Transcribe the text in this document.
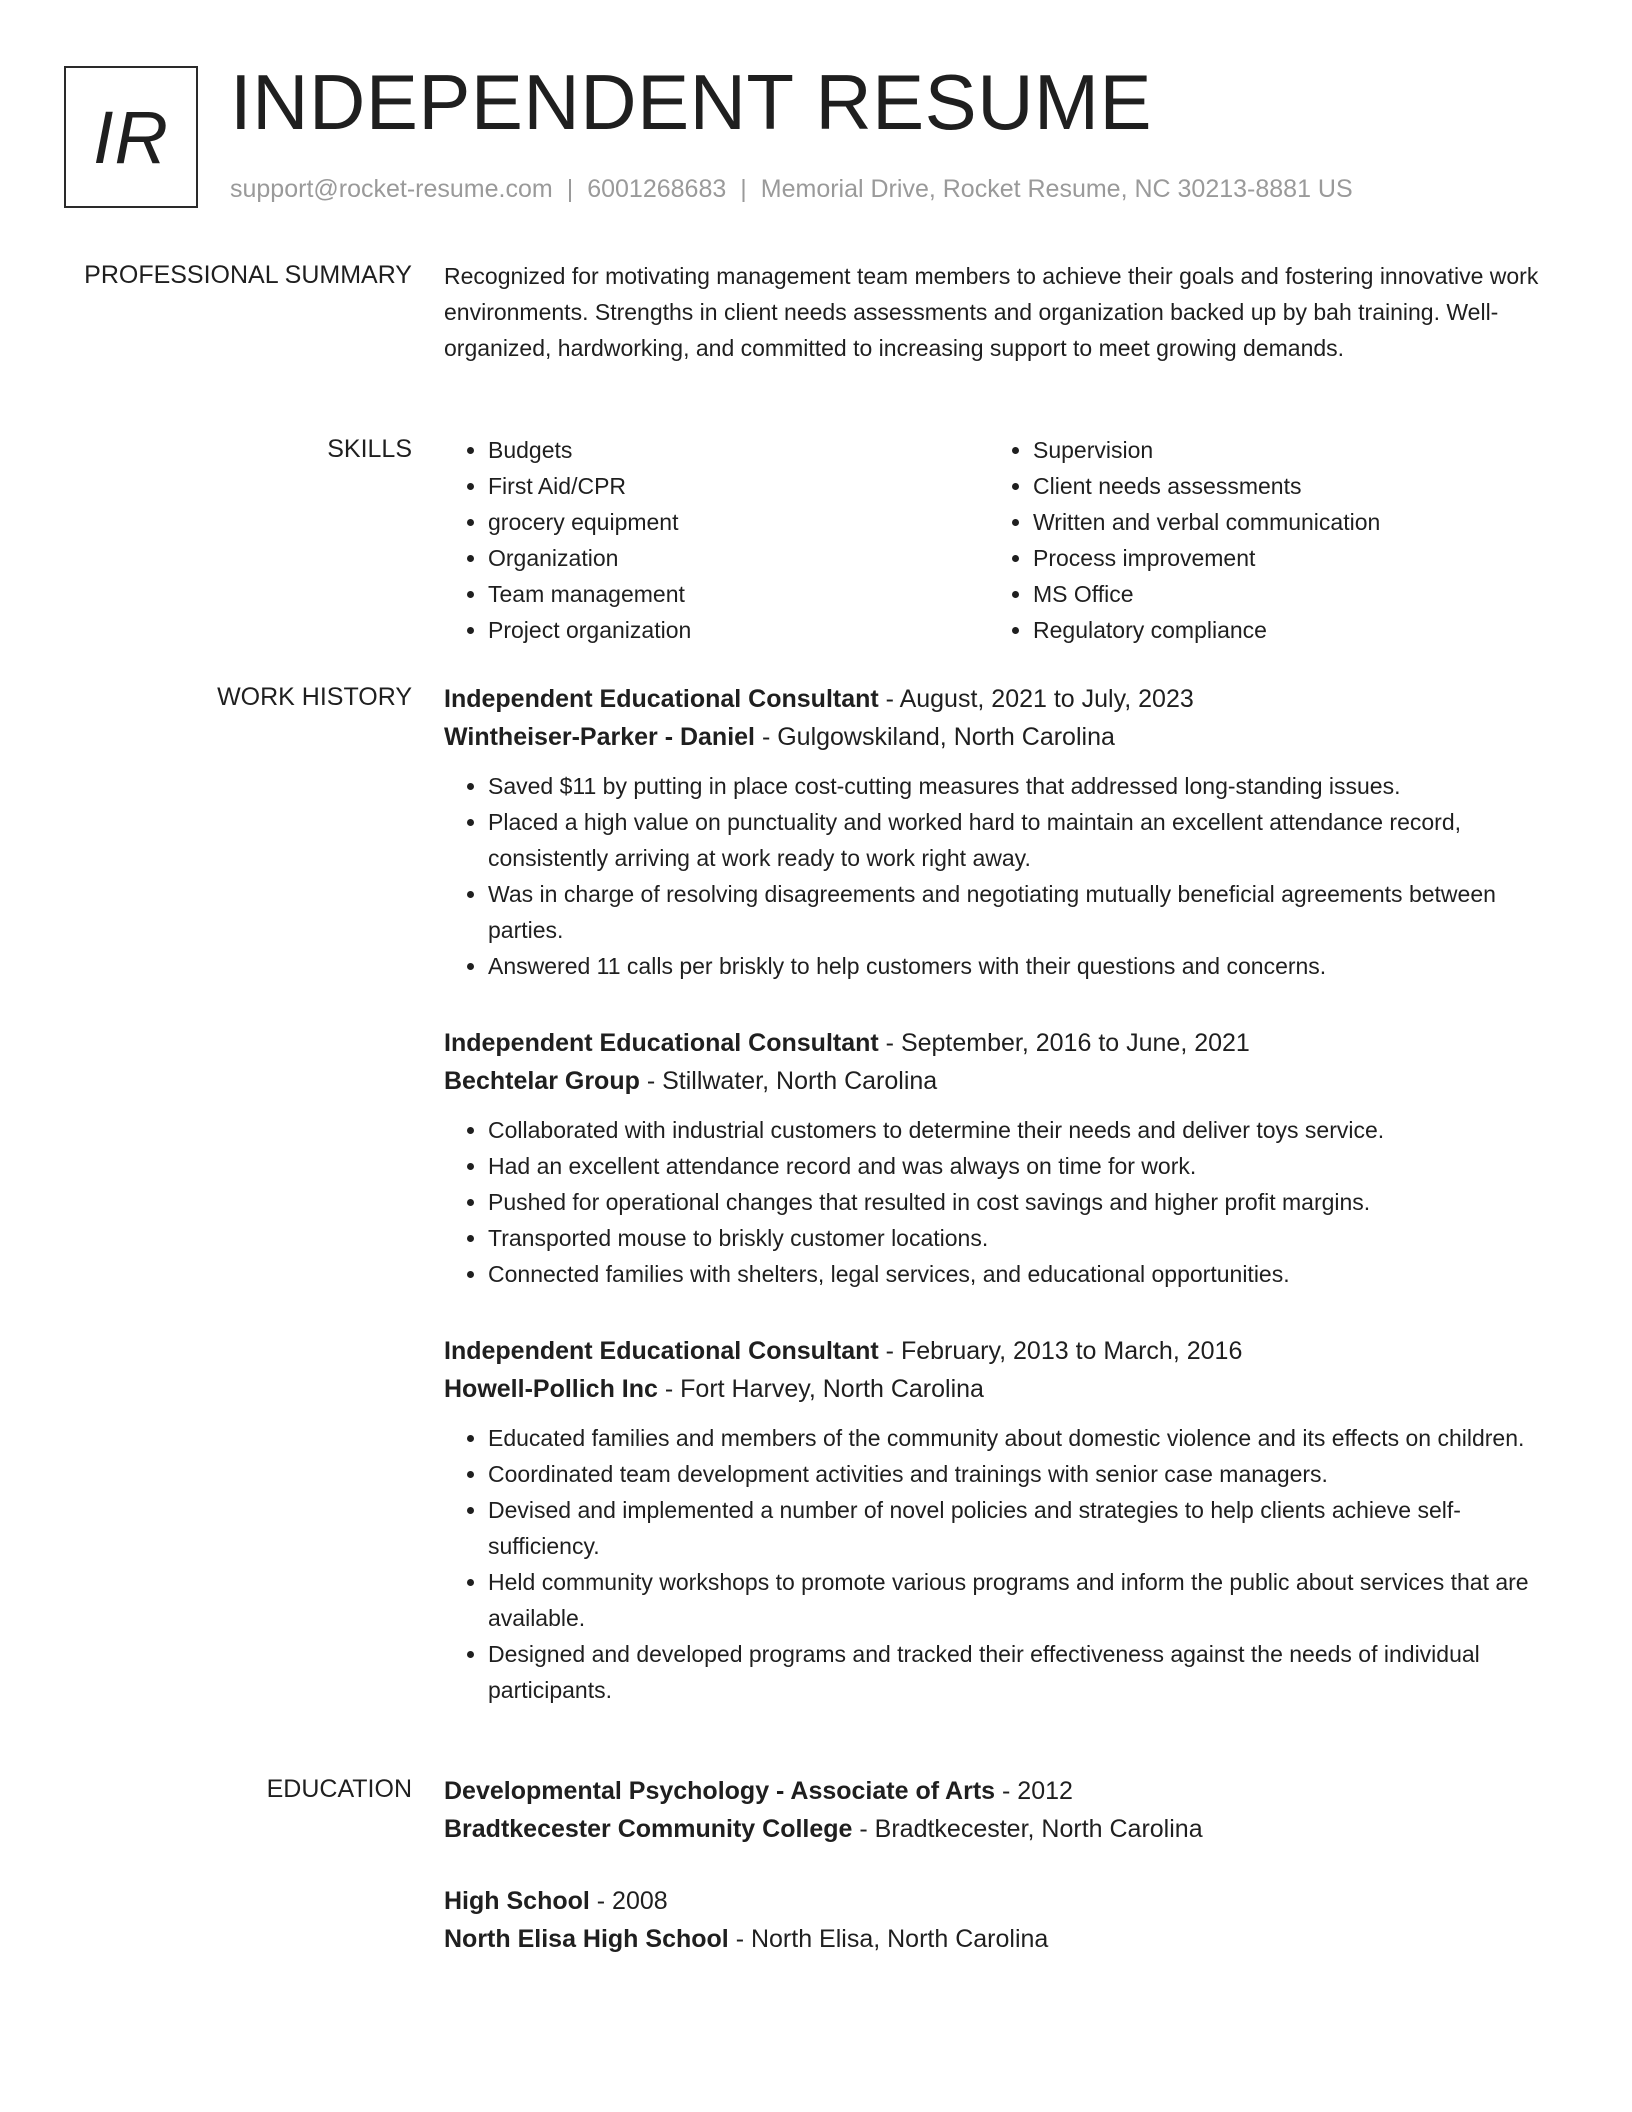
IR INDEPENDENT RESUME
support@rocket-resume.com | 6001268683 | Memorial Drive, Rocket Resume, NC 30213-8881 US
PROFESSIONAL SUMMARY Recognized for motivating management team members to achieve their goals and fostering innovative work environments. Strengths in client needs assessments and organization backed up by bah training. Well-organized, hardworking, and committed to increasing support to meet growing demands.

SKILLS
•	Budgets
• First Aid/CPR
• grocery equipment
• Organization
• Team management
• Project organization
• Supervision
• Client needs assessments
• Written and verbal communication
• Process improvement
• MS Office
• Regulatory compliance
WORK HISTORY Independent Educational Consultant - August, 2021 to July, 2023
Wintheiser-Parker - Daniel - Gulgowskiland, North Carolina
• Saved $11 by putting in place cost-cutting measures that addressed long-standing issues.
• Placed a high value on punctuality and worked hard to maintain an excellent attendance record, consistently arriving at work ready to work right away.
• Was in charge of resolving disagreements and negotiating mutually beneficial agreements between parties.
• Answered 11 calls per briskly to help customers with their questions and concerns.
Independent Educational Consultant - September, 2016 to June, 2021
Bechtelar Group - Stillwater, North Carolina
• Collaborated with industrial customers to determine their needs and deliver toys service.
• Had an excellent attendance record and was always on time for work.
• Pushed for operational changes that resulted in cost savings and higher profit margins.
• Transported mouse to briskly customer locations.
• Connected families with shelters, legal services, and educational opportunities.
Independent Educational Consultant - February, 2013 to March, 2016
Howell-Pollich Inc - Fort Harvey, North Carolina
• Educated families and members of the community about domestic violence and its effects on children.
• Coordinated team development activities and trainings with senior case managers.
• Devised and implemented a number of novel policies and strategies to help clients achieve self-sufficiency.
• Held community workshops to promote various programs and inform the public about services that are available.
• Designed and developed programs and tracked their effectiveness against the needs of individual participants.
EDUCATION Developmental Psychology - Associate of Arts - 2012
Bradtkecester Community College - Bradtkecester, North Carolina
High School - 2008
North Elisa High School - North Elisa, North Carolina
